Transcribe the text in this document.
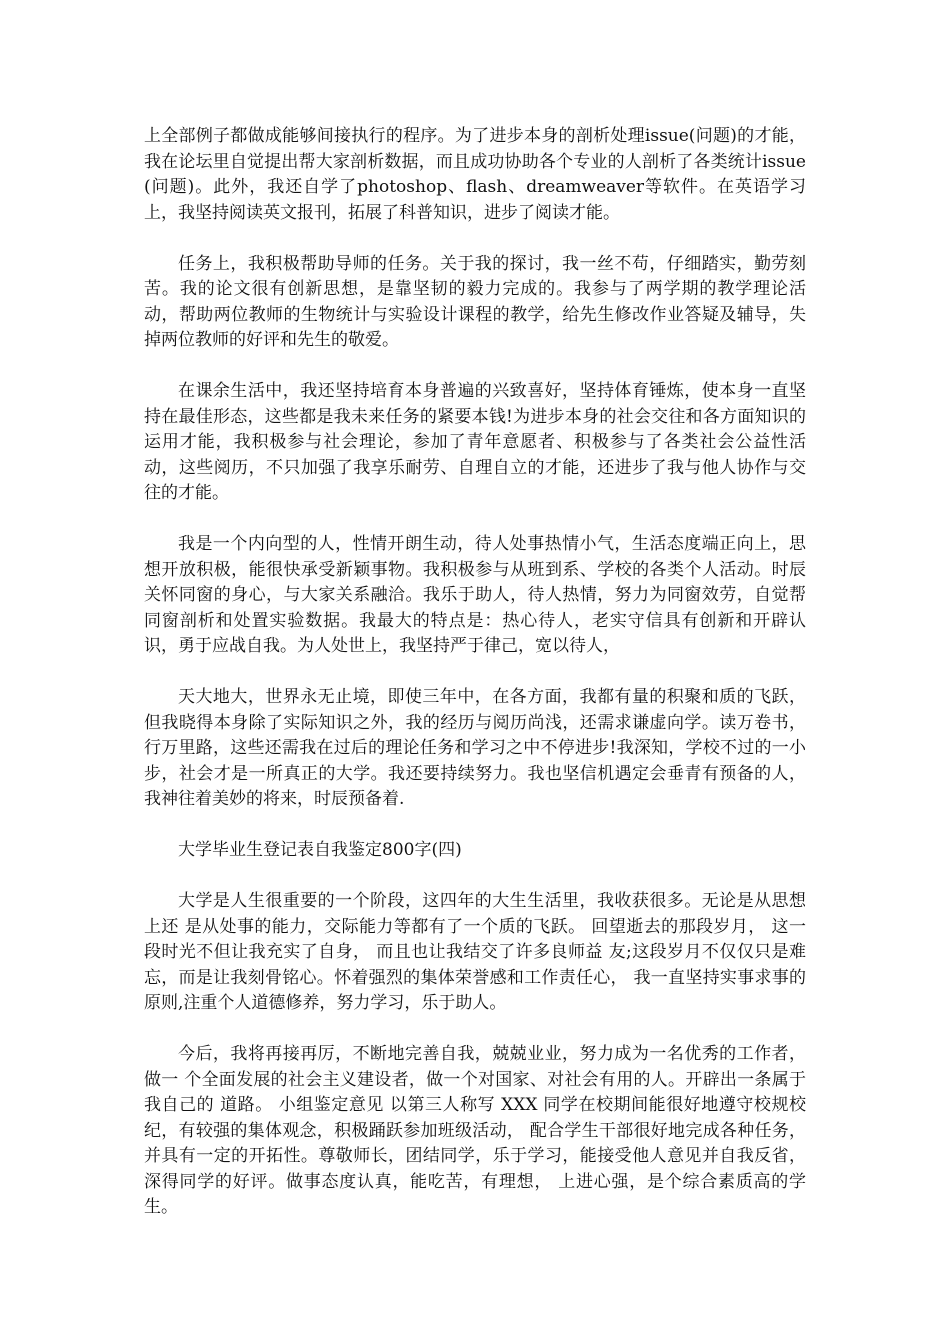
上全部例子都做成能够间接执行的程序。为了进步本身的剖析处理issue(问题)的才能，我在论坛里自觉提出帮大家剖析数据，而且成功协助各个专业的人剖析了各类统计issue(问题)。此外，我还自学了photoshop、flash、dreamweaver等软件。在英语学习上，我坚持阅读英文报刊，拓展了科普知识，进步了阅读才能。

任务上，我积极帮助导师的任务。关于我的探讨，我一丝不苟，仔细踏实，勤劳刻苦。我的论文很有创新思想，是靠坚韧的毅力完成的。我参与了两学期的教学理论活动，帮助两位教师的生物统计与实验设计课程的教学，给先生修改作业答疑及辅导，失掉两位教师的好评和先生的敬爱。

在课余生活中，我还坚持培育本身普遍的兴致喜好，坚持体育锤炼，使本身一直坚持在最佳形态，这些都是我未来任务的紧要本钱!为进步本身的社会交往和各方面知识的运用才能，我积极参与社会理论，参加了青年意愿者、积极参与了各类社会公益性活动，这些阅历，不只加强了我享乐耐劳、自理自立的才能，还进步了我与他人协作与交往的才能。

我是一个内向型的人，性情开朗生动，待人处事热情小气，生活态度端正向上，思想开放积极，能很快承受新颖事物。我积极参与从班到系、学校的各类个人活动。时辰关怀同窗的身心，与大家关系融洽。我乐于助人，待人热情，努力为同窗效劳，自觉帮同窗剖析和处置实验数据。我最大的特点是：热心待人，老实守信具有创新和开辟认识，勇于应战自我。为人处世上，我坚持严于律己，宽以待人，

天大地大，世界永无止境，即使三年中，在各方面，我都有量的积聚和质的飞跃，但我晓得本身除了实际知识之外，我的经历与阅历尚浅，还需求谦虚向学。读万卷书，行万里路，这些还需我在过后的理论任务和学习之中不停进步!我深知，学校不过的一小步，社会才是一所真正的大学。我还要持续努力。我也坚信机遇定会垂青有预备的人，我神往着美妙的将来，时辰预备着.

大学毕业生登记表自我鉴定800字(四)

大学是人生很重要的一个阶段，这四年的大生生活里，我收获很多。无论是从思想上还 是从处事的能力，交际能力等都有了一个质的飞跃。 回望逝去的那段岁月， 这一段时光不但让我充实了自身， 而且也让我结交了许多良师益 友;这段岁月不仅仅只是难忘，而是让我刻骨铭心。怀着强烈的集体荣誉感和工作责任心， 我一直坚持实事求事的原则,注重个人道德修养，努力学习，乐于助人。

今后，我将再接再厉，不断地完善自我，兢兢业业，努力成为一名优秀的工作者，做一 个全面发展的社会主义建设者，做一个对国家、对社会有用的人。开辟出一条属于我自己的 道路。 小组鉴定意见 以第三人称写 XXX 同学在校期间能很好地遵守校规校纪，有较强的集体观念，积极踊跃参加班级活动， 配合学生干部很好地完成各种任务，并具有一定的开拓性。尊敬师长，团结同学，乐于学习，能接受他人意见并自我反省，深得同学的好评。做事态度认真，能吃苦，有理想， 上进心强，是个综合素质高的学生。
